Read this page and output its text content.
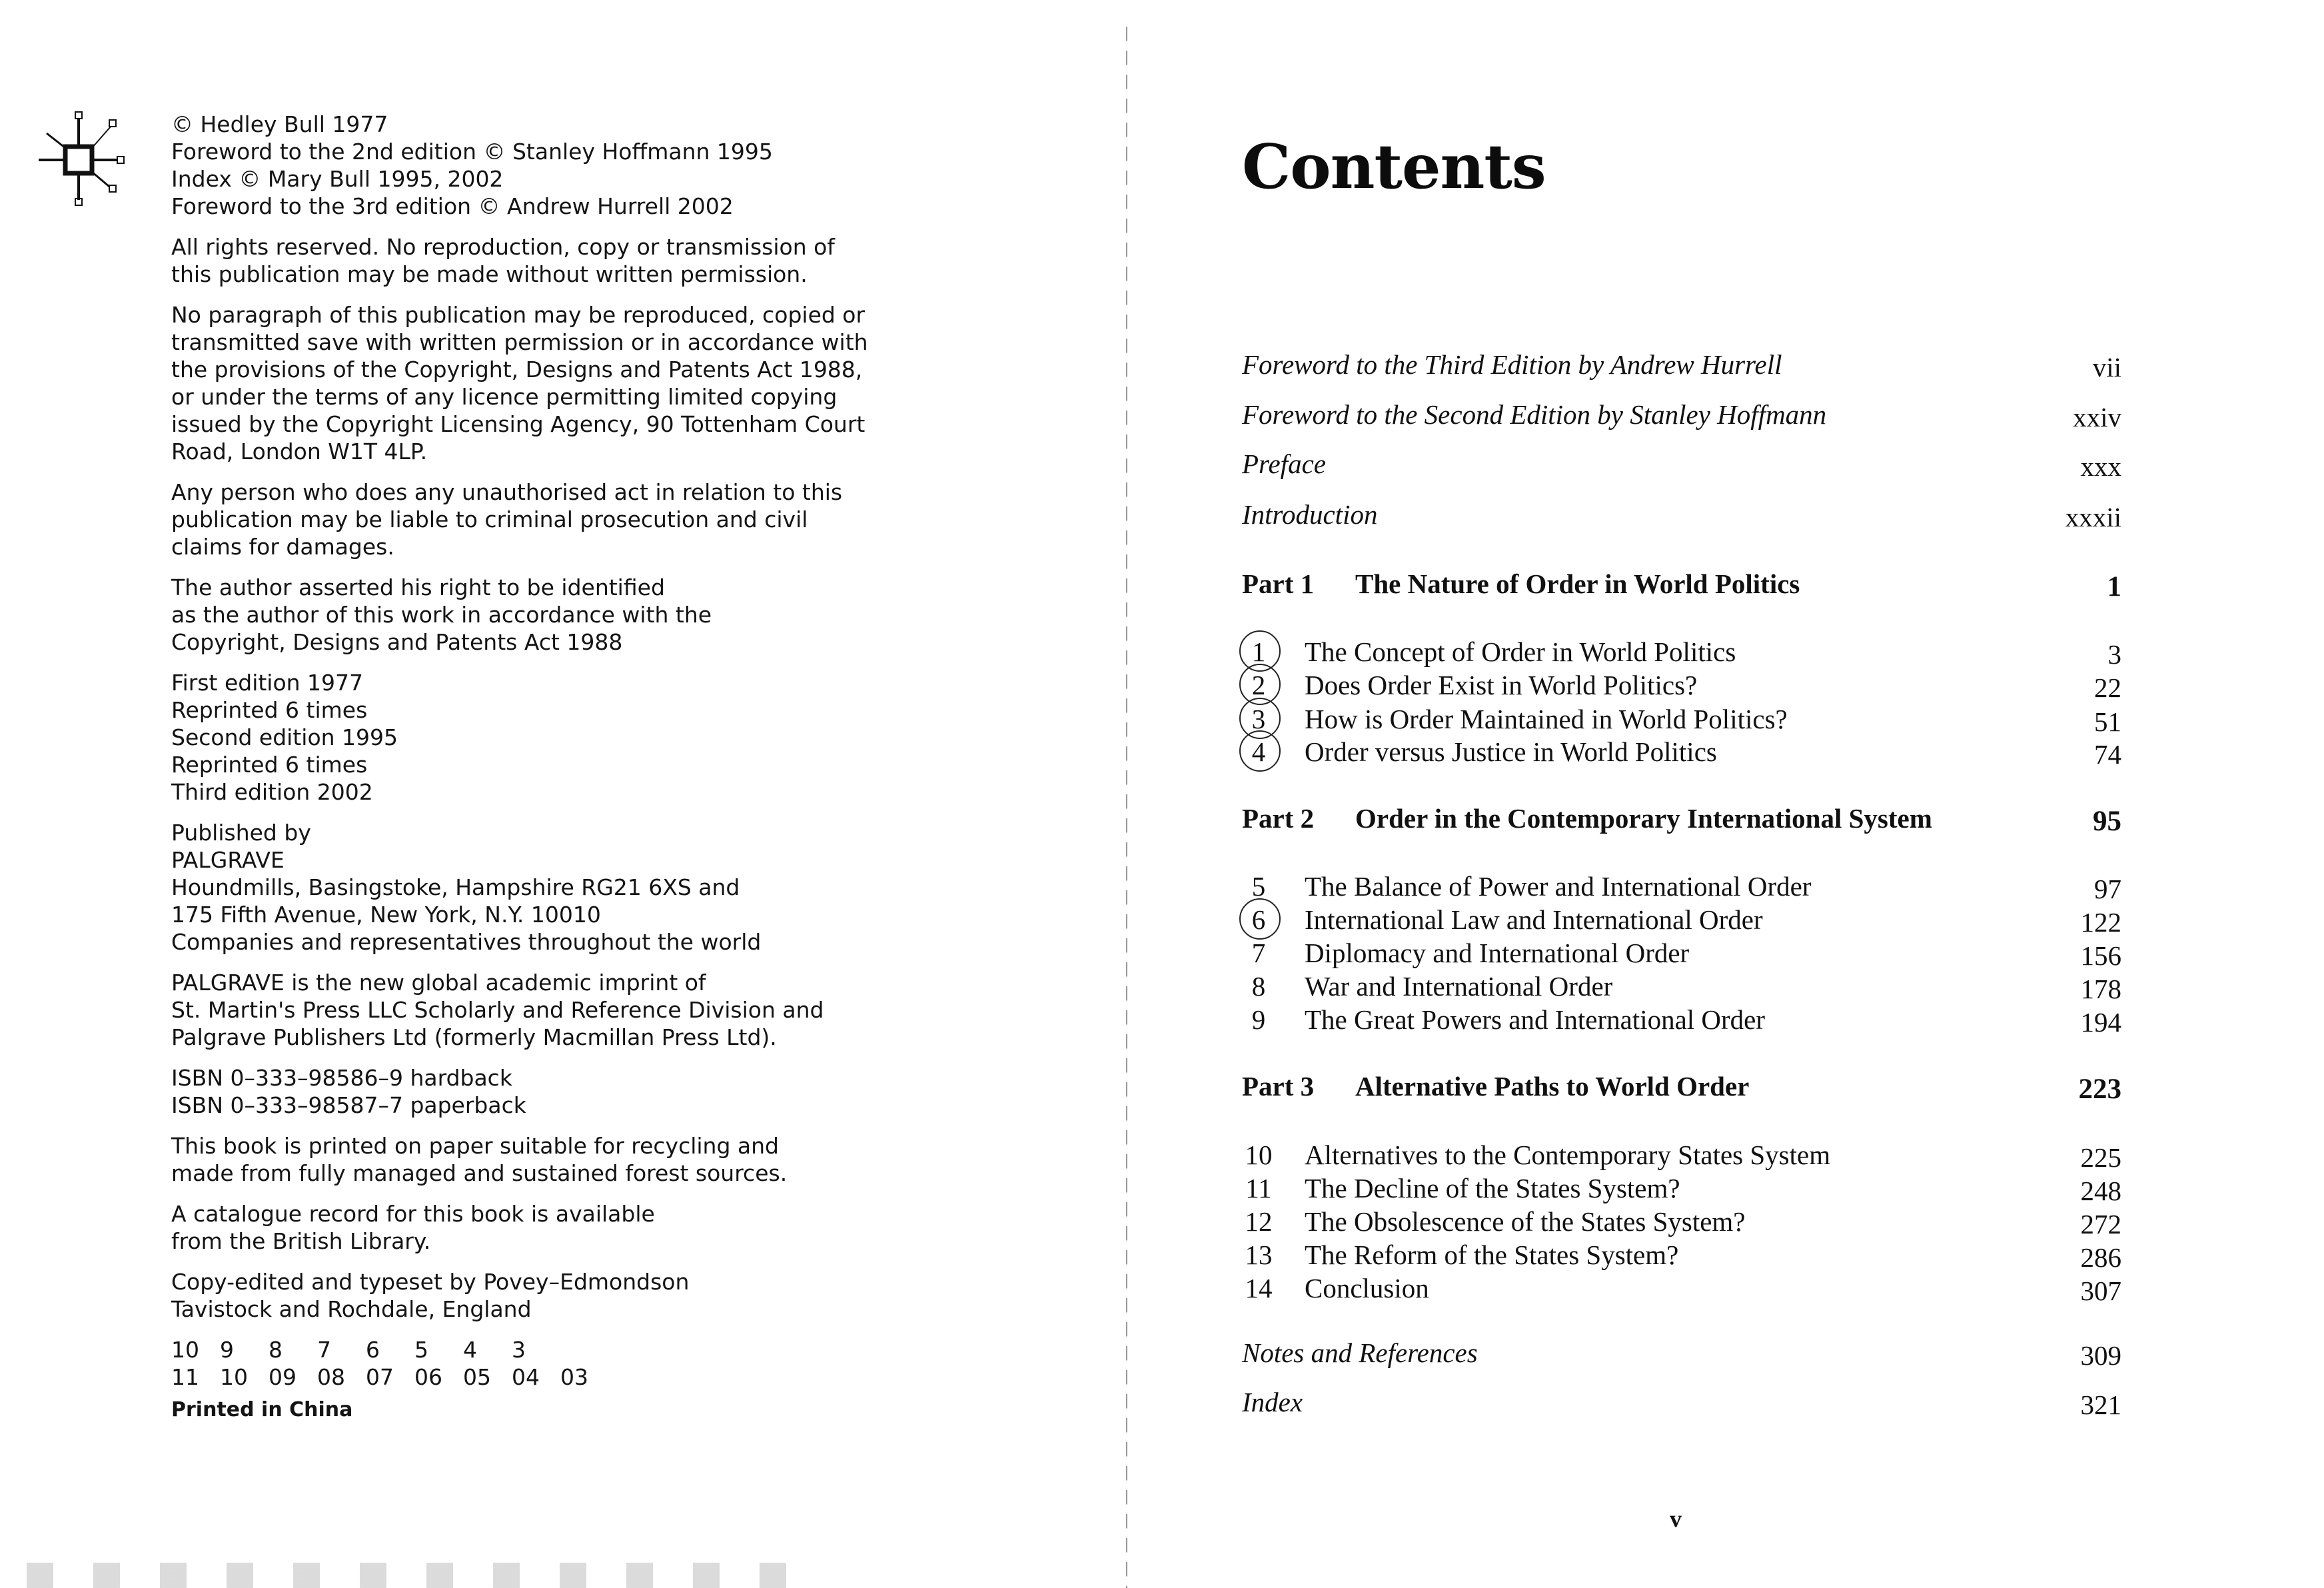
© Hedley Bull 1977
Foreword to the 2nd edition © Stanley Hoffmann 1995
Index © Mary Bull 1995, 2002
Foreword to the 3rd edition © Andrew Hurrell 2002
All rights reserved. No reproduction, copy or transmission of
this publication may be made without written permission.
No paragraph of this publication may be reproduced, copied or
transmitted save with written permission or in accordance with
the provisions of the Copyright, Designs and Patents Act 1988,
or under the terms of any licence permitting limited copying
issued by the Copyright Licensing Agency, 90 Tottenham Court
Road, London W1T 4LP.
Any person who does any unauthorised act in relation to this
publication may be liable to criminal prosecution and civil
claims for damages.
The author asserted his right to be identified
as the author of this work in accordance with the
Copyright, Designs and Patents Act 1988
First edition 1977
Reprinted 6 times
Second edition 1995
Reprinted 6 times
Third edition 2002
Published by
PALGRAVE
Houndmills, Basingstoke, Hampshire RG21 6XS and
175 Fifth Avenue, New York, N.Y. 10010
Companies and representatives throughout the world
PALGRAVE is the new global academic imprint of
St. Martin's Press LLC Scholarly and Reference Division and
Palgrave Publishers Ltd (formerly Macmillan Press Ltd).
ISBN 0–333–98586–9 hardback
ISBN 0–333–98587–7 paperback
This book is printed on paper suitable for recycling and
made from fully managed and sustained forest sources.
A catalogue record for this book is available
from the British Library.
Copy-edited and typeset by Povey–Edmondson
Tavistock and Rochdale, England
10 9	8	7	6	5	4	3
11 10 09 08 07 06 05 04 03
Printed in China
Contents
Foreword to the Third Edition by Andrew Hurrell	vii
Foreword to the Second Edition by Stanley Hoffmann	xxiv
Preface	xxx
Introduction	xxxii
Part 1 The Nature of Order in World Politics	1
1	The Concept of Order in World Politics	3
2	Does Order Exist in World Politics?	22
3	How is Order Maintained in World Politics?	51
4	Order versus Justice in World Politics	74
Part 2 Order in the Contemporary International System	95
5	The Balance of Power and International Order	97
6	International Law and International Order	122
7	Diplomacy and International Order	156
8	War and International Order	178
9	The Great Powers and International Order	194
Part 3 Alternative Paths to World Order	223
10 Alternatives to the Contemporary States System	225
11 The Decline of the States System?	248
12 The Obsolescence of the States System?	272
13 The Reform of the States System?	286
14 Conclusion	307
Notes and References	309
Index	321
v
